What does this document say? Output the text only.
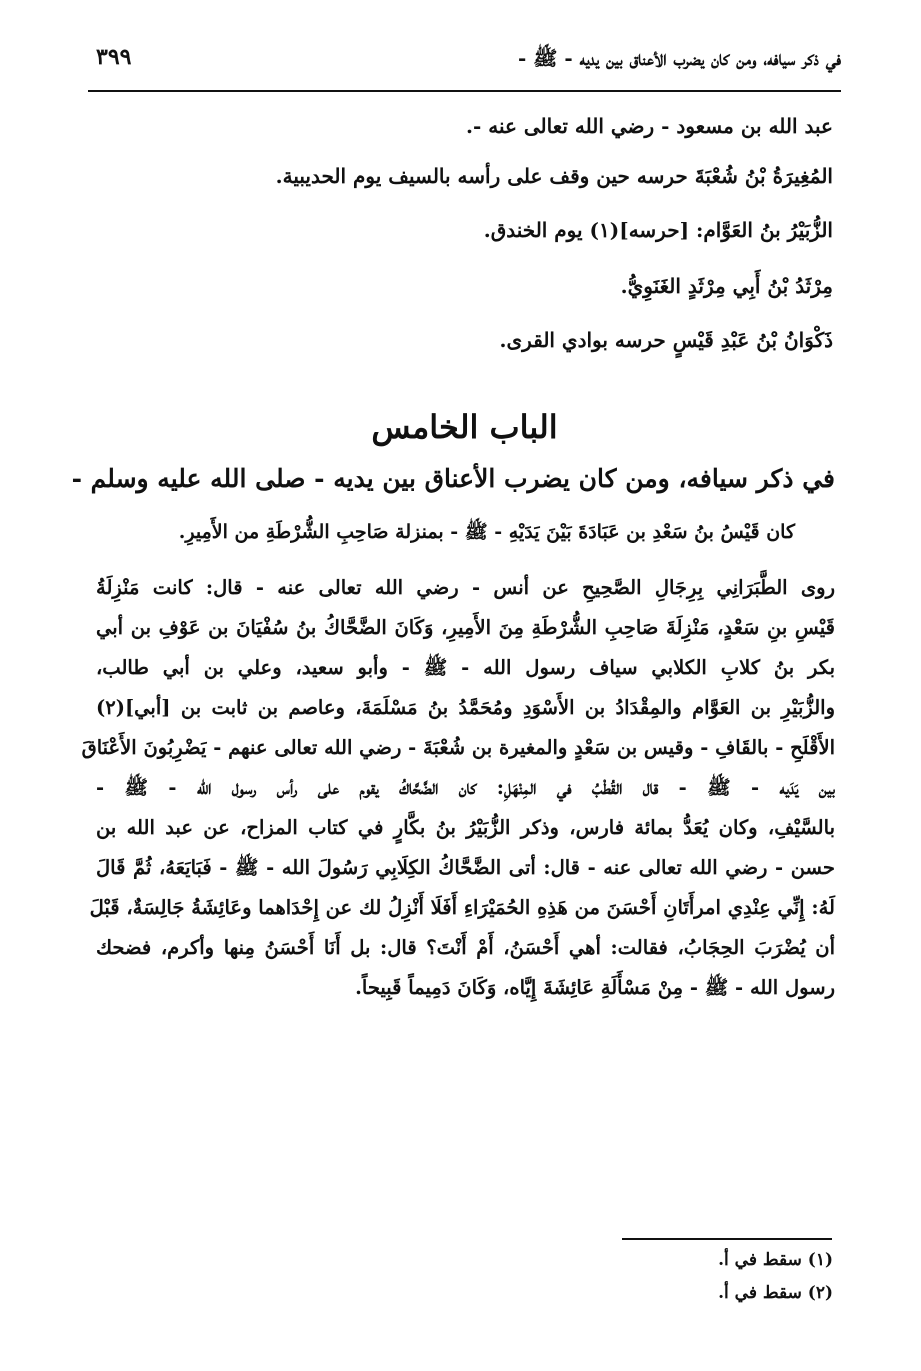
في ذكر سيافه، ومن كان يضرب الأعناق بين يديه - ﷺ -
٣٩٩
عبد الله بن مسعود - رضي الله تعالى عنه -.
المُغِيرَةُ بْنُ شُعْبَةَ حرسه حين وقف على رأسه بالسيف يوم الحديبية.
الزُّبَيْرُ بنُ العَوَّام: [حرسه](١) يوم الخندق.
مِرْثَدُ بْنُ أَبِي مِرْثَدٍ الغَنَوِيُّ.
ذَكْوَانُ بْنُ عَبْدِ قَيْسٍ حرسه بوادي القرى.
الباب الخامس
في ذكر سيافه، ومن كان يضرب الأعناق بين يديه - صلى الله عليه وسلم -
كان قَيْسُ بنُ سَعْدِ بن عَبَادَةَ بَيْنَ يَدَيْهِ - ﷺ - بمنزلة صَاحِبِ الشُّرْطَةِ من الأَمِيرِ.
روى الطَّبَرَانِي بِرِجَالِ الصَّحِيحِ عن أنس - رضي الله تعالى عنه - قال: كانت مَنْزِلَةُ
قَيْسِ بنِ سَعْدٍ، مَنْزِلَةَ صَاحِبِ الشُّرْطَةِ مِنَ الأَمِيرِ، وَكَانَ الضَّحَّاكُ بنُ سُفْيَانَ بن عَوْفِ بن أبي
بكر بنُ كلابِ الكلابي سياف رسول الله - ﷺ - وأبو سعيد، وعلي بن أبي طالب،
والزُّبَيْرِ بن العَوَّام والمِقْدَادُ بن الأَسْوَدِ ومُحَمَّدُ بنُ مَسْلَمَةَ، وعاصم بن ثابت بن [أبي](٢)
الأَقْلَحِ - بالقَافِ - وقيس بن سَعْدٍ والمغيرة بن شُعْبَةَ - رضي الله تعالى عنهم - يَضْرِبُونَ الأَعْنَاقَ
بين يَدَيه - ﷺ - قال القُطْبُ في المِنْهَلِ: كان الضَّحَّاكُ يقوم على رأس رسول الله - ﷺ -
بالسَّيْفِ، وكان يُعَدُّ بمائة فارس، وذكر الزُّبَيْرُ بنُ بكَّارٍ في كتاب المزاح، عن عبد الله بن
حسن - رضي الله تعالى عنه - قال: أتى الضَّحَّاكُ الكِلَابِي رَسُولَ الله - ﷺ - فَبَايَعَهُ، ثُمَّ قَالَ
لَهُ: إِنِّي عِنْدِي امرأَتَانِ أَحْسَنَ من هَذِهِ الحُمَيْرَاءِ أَفَلَا أَنْزِلُ لك عن إِحْدَاهما وعَائِشَةُ جَالِسَةٌ، قَبْلَ
أن يُضْرَبَ الحِجَابُ، فقالت: أهي أَحْسَنُ، أَمْ أَنْتَ؟ قال: بل أَنَا أَحْسَنُ مِنها وأكرم، فضحك
رسول الله - ﷺ - مِنْ مَسْأَلَةِ عَائِشَةَ إِيَّاه، وَكَانَ دَمِيماً قَبِيحاً.
(١) سقط في أ.
(٢) سقط في أ.
